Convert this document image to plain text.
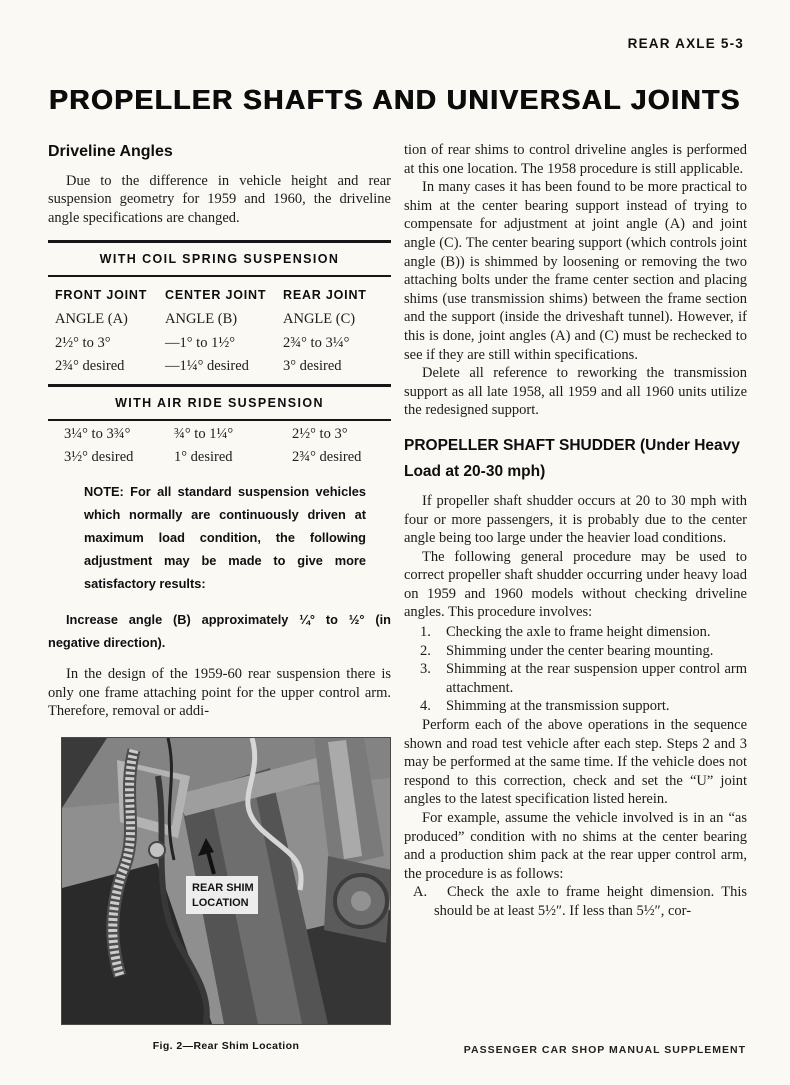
REAR AXLE 5-3
PROPELLER SHAFTS AND UNIVERSAL JOINTS
Driveline Angles

Due to the difference in vehicle height and rear suspension geometry for 1959 and 1960, the driveline angle specifications are changed.

WITH COIL SPRING SUSPENSION
FRONT JOINT	CENTER JOINT	REAR JOINT
ANGLE (A)	ANGLE (B)	ANGLE (C)
2½° to 3°	—1° to 1½°	2¾° to 3¼°
2¾° desired	—1¼° desired	3° desired
WITH AIR RIDE SUSPENSION
3¼° to 3¾°	¾° to 1¼°	2½° to 3°
3½° desired	1° desired	2¾° desired

NOTE: For all standard suspension vehicles which normally are continuously driven at maximum load condition, the following adjustment may be made to give more satisfactory results:

Increase angle (B) approximately ¼° to ½° (in negative direction).

In the design of the 1959-60 rear suspension there is only one frame attaching point for the upper control arm. Therefore, removal or addi-

REAR SHIM LOCATION
Fig. 2—Rear Shim Location

tion of rear shims to control driveline angles is performed at this one location. The 1958 procedure is still applicable.

In many cases it has been found to be more practical to shim at the center bearing support instead of trying to compensate for adjustment at joint angle (A) and joint angle (C). The center bearing support (which controls joint angle (B)) is shimmed by loosening or removing the two attaching bolts under the frame center section and placing shims (use transmission shims) between the frame section and the support (inside the driveshaft tunnel). However, if this is done, joint angles (A) and (C) must be rechecked to see if they are still within specifications.

Delete all reference to reworking the transmission support as all late 1958, all 1959 and all 1960 units utilize the redesigned support.

PROPELLER SHAFT SHUDDER (Under Heavy Load at 20-30 mph)

If propeller shaft shudder occurs at 20 to 30 mph with four or more passengers, it is probably due to the center angle being too large under the heavier load conditions.

The following general procedure may be used to correct propeller shaft shudder occurring under heavy load on 1959 and 1960 models without checking driveline angles. This procedure involves:

1. Checking the axle to frame height dimension.
2. Shimming under the center bearing mounting.
3. Shimming at the rear suspension upper control arm attachment.
4. Shimming at the transmission support.

Perform each of the above operations in the sequence shown and road test vehicle after each step. Steps 2 and 3 may be performed at the same time. If the vehicle does not respond to this correction, check and set the “U” joint angles to the latest specification listed herein.

For example, assume the vehicle involved is in an “as produced” condition with no shims at the center bearing and a production shim pack at the rear upper control arm, the procedure is as follows:

A. Check the axle to frame height dimension. This should be at least 5½″. If less than 5½″, cor-
PASSENGER CAR SHOP MANUAL SUPPLEMENT
